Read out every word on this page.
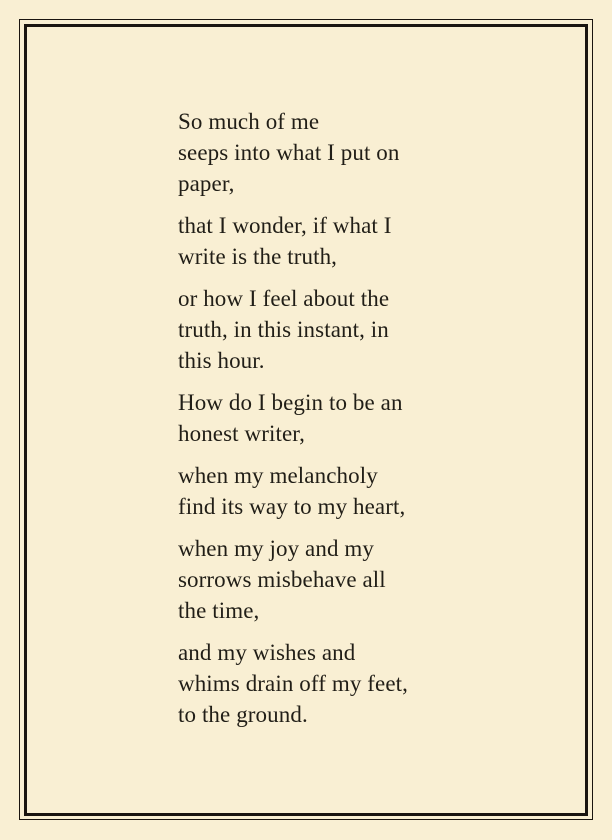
So much of me
seeps into what I put on
paper,
that I wonder, if what I
write is the truth,
or how I feel about the
truth, in this instant, in
this hour.
How do I begin to be an
honest writer,
when my melancholy
find its way to my heart,
when my joy and my
sorrows misbehave all
the time,
and my wishes and
whims drain off my feet,
to the ground.
